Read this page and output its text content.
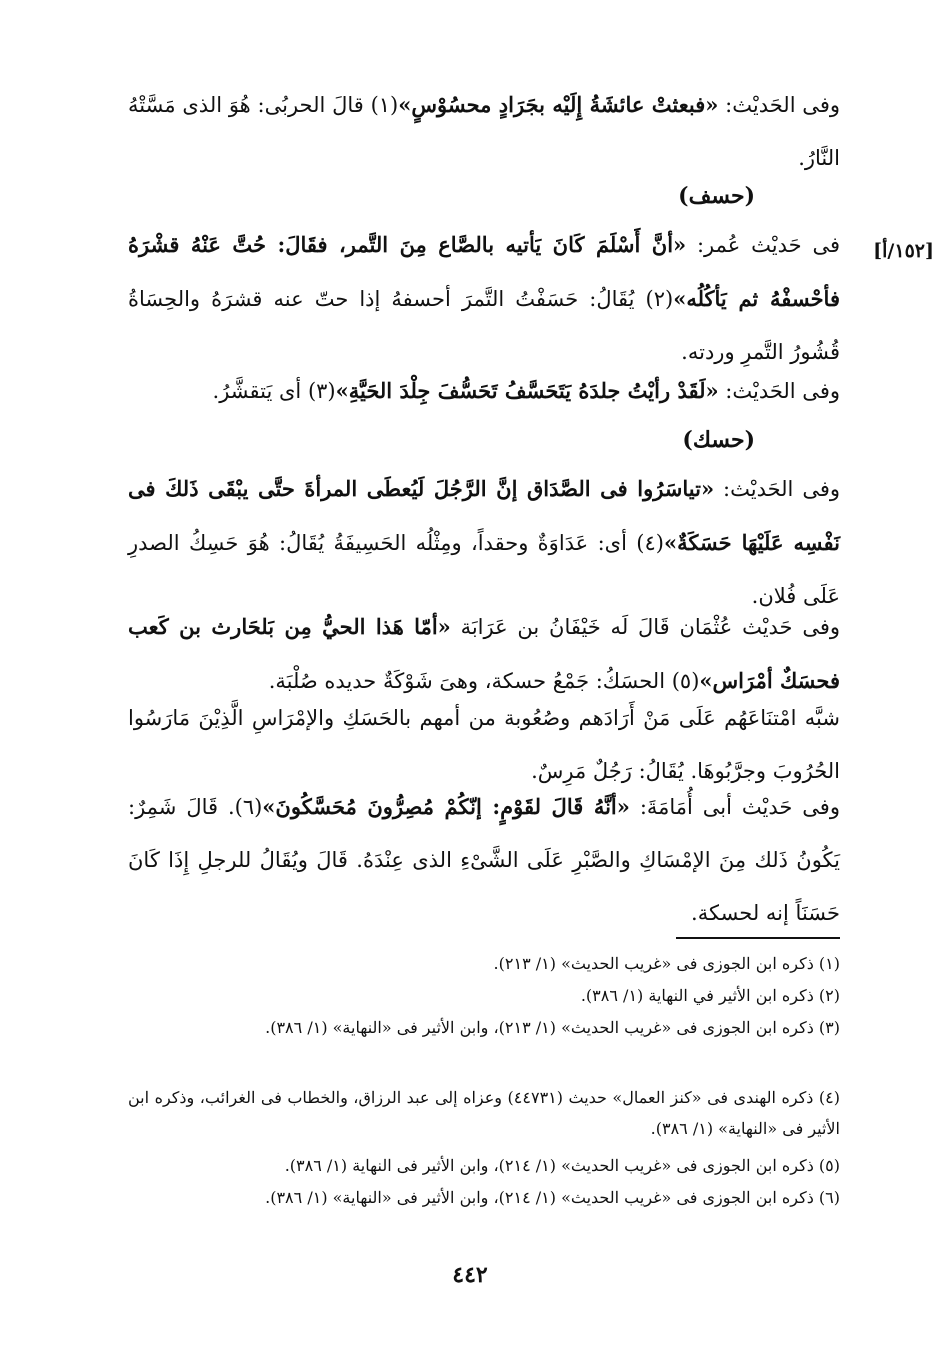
[١٥٢/أ]

وفى الحَديْث: «فبعثتْ عائشَةُ إِلَيْه بجَرَادٍ محسُوْسٍ»(١) قالَ الحربُى: هُوَ الذى مَسَّتْهُ النَّارُ.

(حسف)

فى حَديْث عُمر: «أنَّ أَسْلَمَ كَانَ يَأتيه بالصَّاع مِنَ التَّمر، فقَالَ: حُتَّ عَنْهُ قشْرَهُ فأحْسفْهُ ثم يَأكُلُه»(٢) يُقَالُ: حَسَفْتُ التَّمرَ أحسفهُ إذا حتّ عنه قشرَهُ والحِسَاةُ قُشُورُ التَّمرِ وردته.

وفى الحَديْث: «لَقَدْ رأيْتُ جلدَهُ يَتَحَسَّفُ تَحَسُّفَ جِلْدَ الحَيَّةِ»(٣) أى يَتقشَّرُ.

(حسك)

وفى الحَديْث: «تياسَرُوا فى الصَّدَاق إنَّ الرَّجُلَ لَيُعطَى المرأةَ حتَّى يبْقَى ذَلكَ فى نَفْسِه عَلَيْهَا حَسَكَةٌ»(٤) أى: عَدَاوَةٌ وحقداً، ومِثْلُه الحَسِيفَةُ يُقَالُ: هُوَ حَسِكُ الصدرِ عَلَى فُلان.

وفى حَديْث عُثْمَان قَالَ لَه خَيْفَانُ بن عَرَابَة «أمّا هَذا الحيُّ مِن بَلحَارث بن كَعب فحسَكٌ أمْرَاس»(٥) الحسَكُ: جَمْعُ حسكة، وهىَ شَوْكَةٌ حديده صُلْبَة.

شبَّه امْتنَاعَهُم عَلَى مَنْ أَرَادَهم وصُعُوبة من أمهم بالحَسَكِ والإمْرَاسِ الَّذِيْنَ مَارَسُوا الحُرُوبَ وجرَّبُوهَا. يُقَالُ: رَجُلٌ مَرِسٌ.

وفى حَديْث أبى أُمَامَةَ: «أنَّهُ قَالَ لقَوْمٍ: إنّكُمْ مُصِرُّونَ مُحَسَّكُونَ»(٦). قَالَ شَمِرٌ: يَكُونُ ذَلك مِنَ الإمْسَاكِ والصَّبْرِ عَلَى الشَّىْءِ الذى عِنْدَهُ. قَالَ ويُقَالُ للرجلِ إِذَا كَانَ حَسَنَاً إنه لحسكة.

(١) ذكره ابن الجوزى فى «غريب الحديث» (١/ ٢١٣).

(٢) ذكره ابن الأثير في النهاية (١/ ٣٨٦).

(٣) ذكره ابن الجوزى فى «غريب الحديث» (١/ ٢١٣)، وابن الأثير فى «النهاية» (١/ ٣٨٦).

(٤) ذكره الهندى فى «كنز العمال» حديث (٤٤٧٣١) وعزاه إلى عبد الرزاق، والخطاب فى الغرائب، وذكره ابن الأثير فى «النهاية» (١/ ٣٨٦).

(٥) ذكره ابن الجوزى فى «غريب الحديث» (١/ ٢١٤)، وابن الأثير فى النهاية (١/ ٣٨٦).

(٦) ذكره ابن الجوزى فى «غريب الحديث» (١/ ٢١٤)، وابن الأثير فى «النهاية» (١/ ٣٨٦).

٤٤٢
